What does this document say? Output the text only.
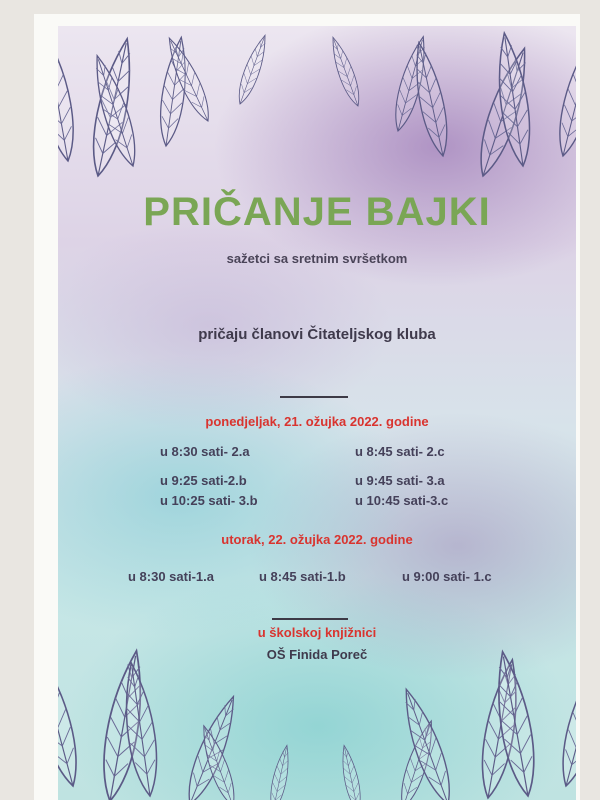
PRIČANJE BAJKI
sažetci sa sretnim svršetkom
pričaju članovi Čitateljskog kluba
ponedjeljak, 21. ožujka 2022. godine
u 8:30 sati- 2.a	u 8:45 sati- 2.c
u 9:25 sati-2.b	u 9:45 sati- 3.a
u 10:25 sati- 3.b	u 10:45 sati-3.c
utorak, 22. ožujka 2022. godine
u 8:30 sati-1.a	u 8:45 sati-1.b	u 9:00 sati- 1.c
u školskoj knjižnici
OŠ Finida Poreč
